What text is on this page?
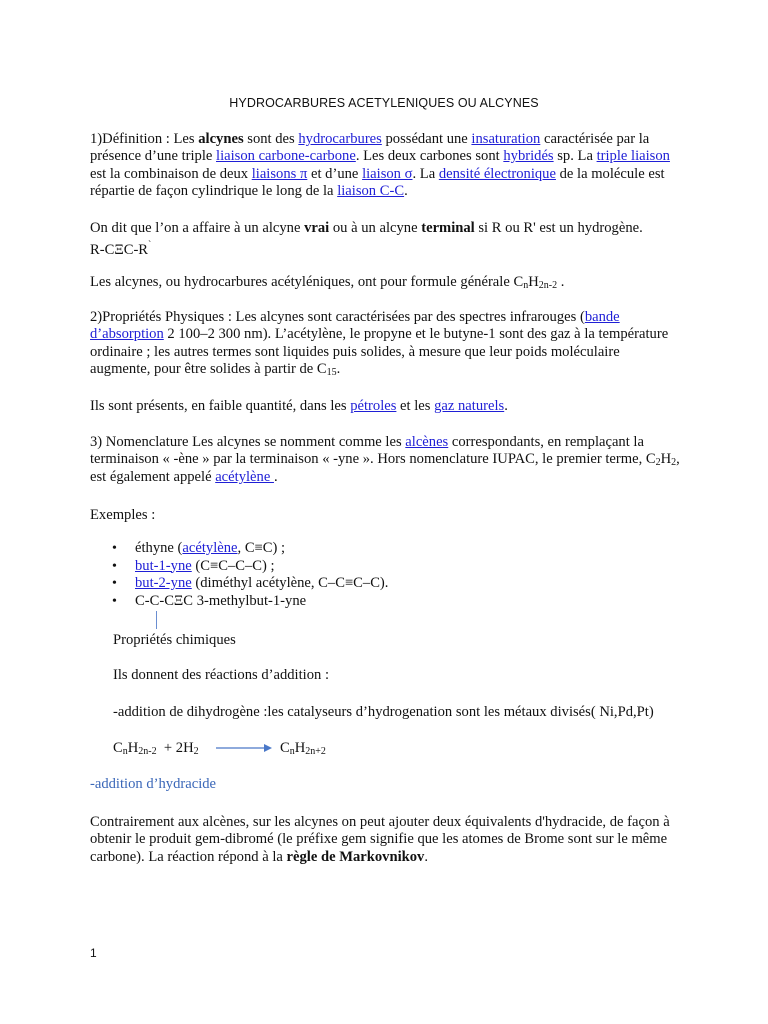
HYDROCARBURES ACETYLENIQUES OU ALCYNES

1)Définition : Les alcynes sont des hydrocarbures possédant une insaturation caractérisée par la présence d’une triple liaison carbone-carbone. Les deux carbones sont hybridés sp. La triple liaison est la combinaison de deux liaisons π et d’une liaison σ. La densité électronique de la molécule est répartie de façon cylindrique le long de la liaison C-C.

On dit que l’on a affaire à un alcyne vrai ou à un alcyne terminal si R ou R' est un hydrogène.
R-CΞC-R`

Les alcynes, ou hydrocarbures acétyléniques, ont pour formule générale $C_nH_{2n-2}$ .

2)Propriétés Physiques : Les alcynes sont caractérisées par des spectres infrarouges (bande d’absorption 2 100–2 300 nm). L’acétylène, le propyne et le butyne-1 sont des gaz à la température ordinaire ; les autres termes sont liquides puis solides, à mesure que leur poids moléculaire augmente, pour être solides à partir de $C_{15}$.

Ils sont présents, en faible quantité, dans les pétroles et les gaz naturels.

3) Nomenclature Les alcynes se nomment comme les alcènes correspondants, en remplaçant la terminaison « -ène » par la terminaison « -yne ». Hors nomenclature IUPAC, le premier terme, $C_2H_2$, est également appelé acétylène .

Exemples :

• éthyne (acétylène, C≡C) ;
• but-1-yne (C≡C–C–C) ;
• but-2-yne (diméthyl acétylène, C–C≡C–C).
• C-C-CΞC 3-methylbut-1-yne
Propriétés chimiques
Ils donnent des réactions d’addition :
-addition de dihydrogène :les catalyseurs d’hydrogenation sont les métaux divisés( Ni,Pd,Pt)
$C_nH_{2n-2} + 2H_2 \to C_nH_{2n+2}$
-addition d’hydracide

Contrairement aux alcènes, sur les alcynes on peut ajouter deux équivalents d'hydracide, de façon à obtenir le produit gem-dibromé (le préfixe gem signifie que les atomes de Brome sont sur le même carbone). La réaction répond à la règle de Markovnikov.

1
